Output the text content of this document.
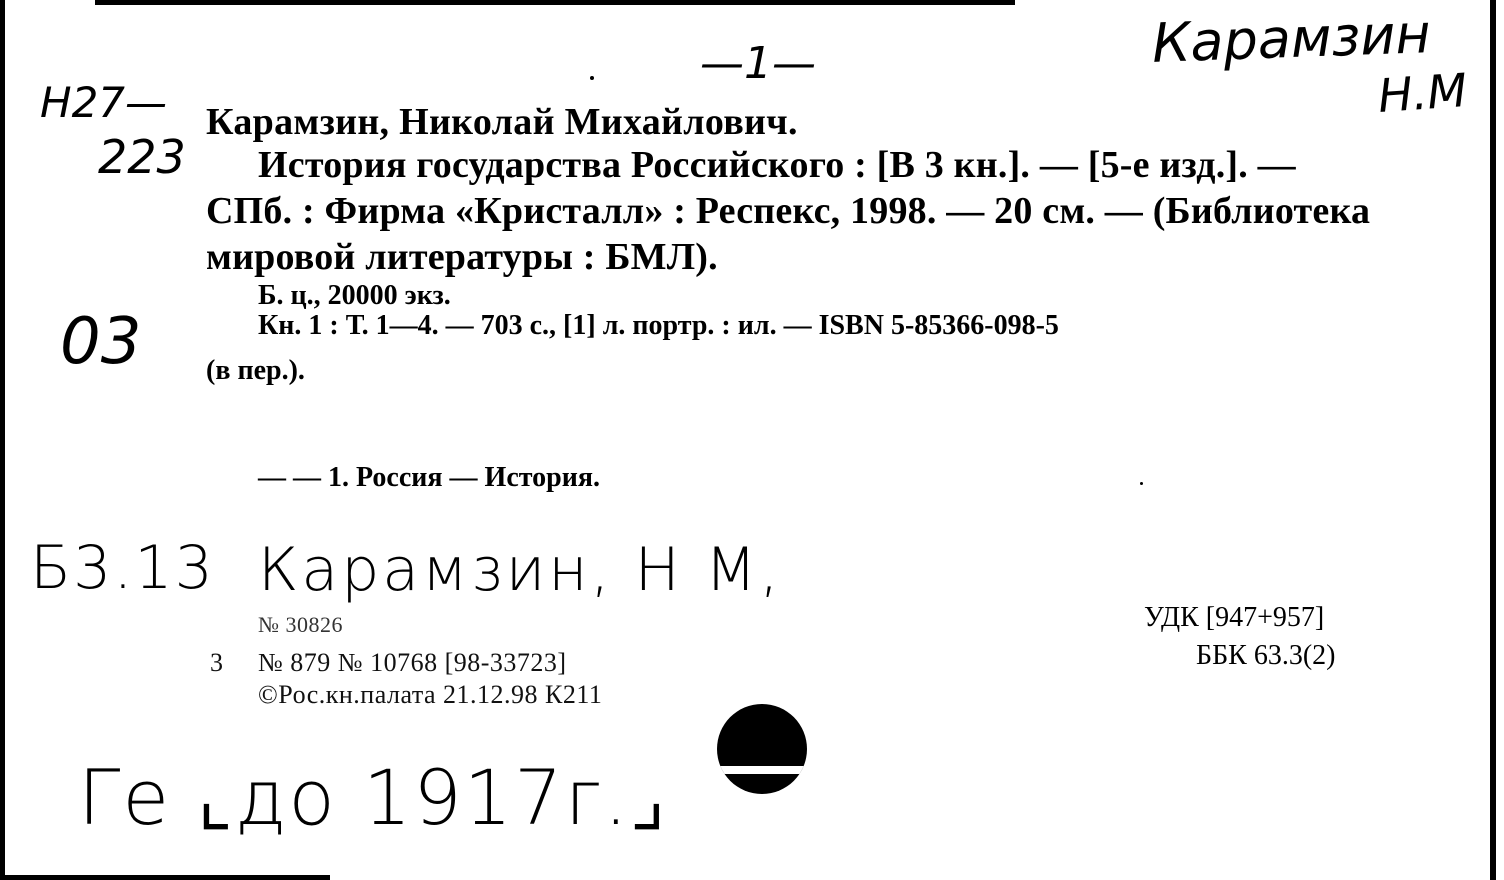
—1—	Карамзин
Н.М
Н27—
223
Карамзин, Николай Михайлович.
История государства Российского : [В 3 кн.]. — [5-е изд.]. — СПб. : Фирма «Кристалл» : Респекс, 1998. — 20 см. — (Библиотека мировой литературы : БМЛ).
03
Б. ц., 20000 экз.
Кн. 1 : Т. 1—4. — 703 с., [1] л. портр. : ил. — ISBN 5-85366-098-5
(в пер.).
— — 1. Россия — История.
Б3.13 Карамзин, Н М,
№ 30826
3 № 879 № 10768 [98-33723]
©Рос.кн.палата 21.12.98 К211
УДК [947+957]
ББК 63.3(2)
Ге ⌞до 1917г.⌟
